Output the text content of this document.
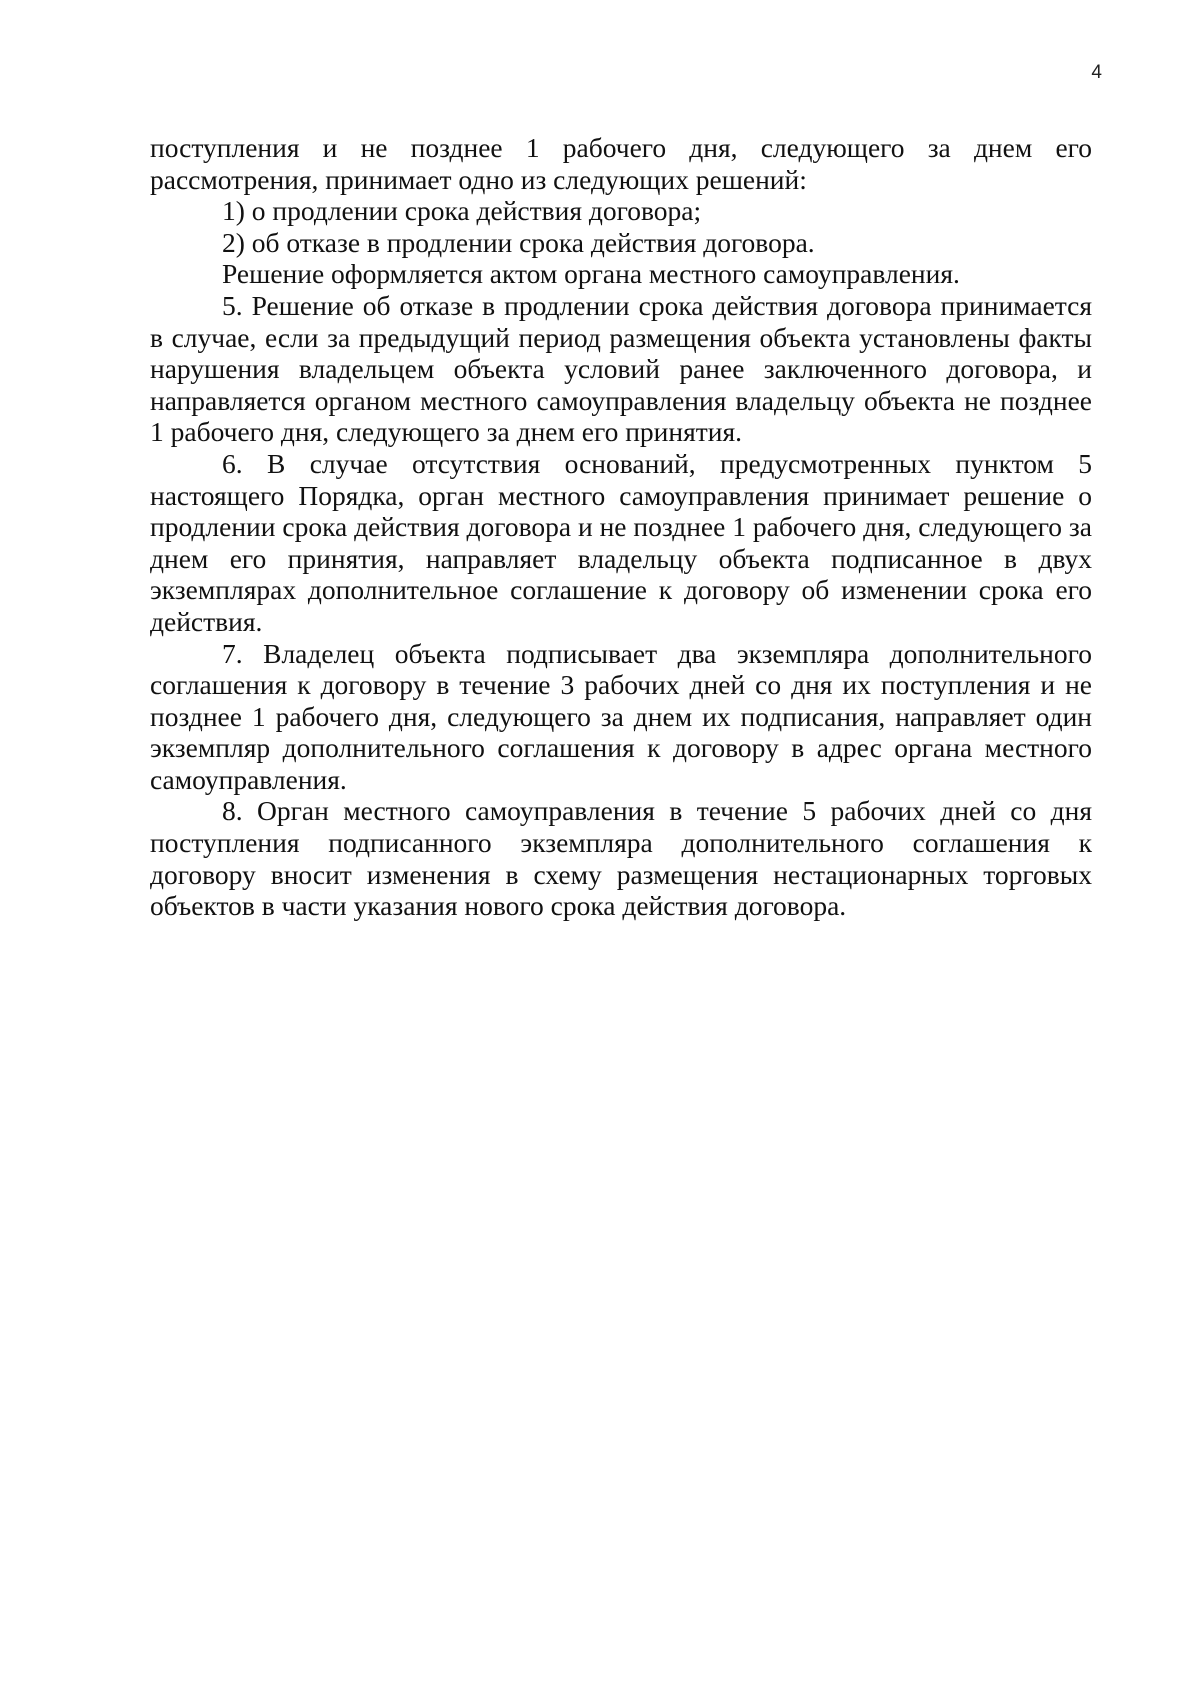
4

поступления и не позднее 1 рабочего дня, следующего за днем его рассмотрения, принимает одно из следующих решений:

1) о продлении срока действия договора;

2) об отказе в продлении срока действия договора.

Решение оформляется актом органа местного самоуправления.

5. Решение об отказе в продлении срока действия договора принимается в случае, если за предыдущий период размещения объекта установлены факты нарушения владельцем объекта условий ранее заключенного договора, и направляется органом местного самоуправления владельцу объекта не позднее 1 рабочего дня, следующего за днем его принятия.

6. В случае отсутствия оснований, предусмотренных пунктом 5 настоящего Порядка, орган местного самоуправления принимает решение о продлении срока действия договора и не позднее 1 рабочего дня, следующего за днем его принятия, направляет владельцу объекта подписанное в двух экземплярах дополнительное соглашение к договору об изменении срока его действия.

7. Владелец объекта подписывает два экземпляра дополнительного соглашения к договору в течение 3 рабочих дней со дня их поступления и не позднее 1 рабочего дня, следующего за днем их подписания, направляет один экземпляр дополнительного соглашения к договору в адрес органа местного самоуправления.

8. Орган местного самоуправления в течение 5 рабочих дней со дня поступления подписанного экземпляра дополнительного соглашения к договору вносит изменения в схему размещения нестационарных торговых объектов в части указания нового срока действия договора.
